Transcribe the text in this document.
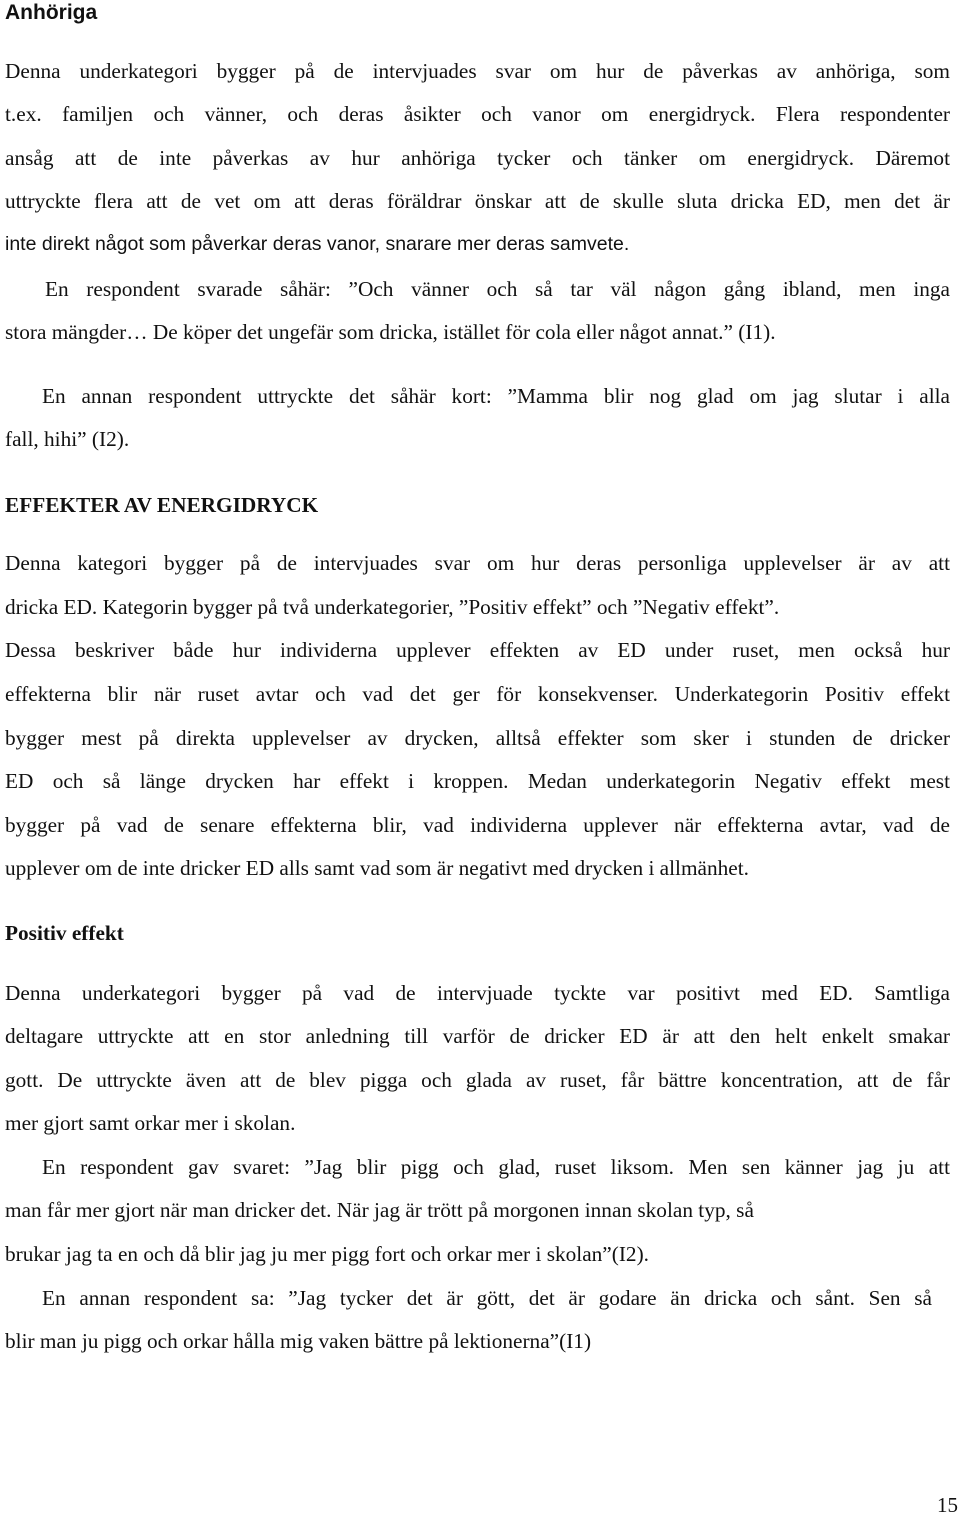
Anhöriga
Denna underkategori bygger på de intervjuades svar om hur de påverkas av anhöriga, som
t.ex. familjen och vänner, och deras åsikter och vanor om energidryck. Flera respondenter
ansåg att de inte påverkas av hur anhöriga tycker och tänker om energidryck. Däremot
uttryckte flera att de vet om att deras föräldrar önskar att de skulle sluta dricka ED, men det är
inte direkt något som påverkar deras vanor, snarare mer deras samvete.
En respondent svarade såhär: ”Och vänner och så tar väl någon gång ibland, men inga
stora mängder… De köper det ungefär som dricka, istället för cola eller något annat.” (I1).
En annan respondent uttryckte det såhär kort: ”Mamma blir nog glad om jag slutar i alla
fall, hihi” (I2).
EFFEKTER AV ENERGIDRYCK
Denna kategori bygger på de intervjuades svar om hur deras personliga upplevelser är av att
dricka ED. Kategorin bygger på två underkategorier, ”Positiv effekt” och ”Negativ effekt”.
Dessa beskriver både hur individerna upplever effekten av ED under ruset, men också hur
effekterna blir när ruset avtar och vad det ger för konsekvenser. Underkategorin Positiv effekt
bygger mest på direkta upplevelser av drycken, alltså effekter som sker i stunden de dricker
ED och så länge drycken har effekt i kroppen. Medan underkategorin Negativ effekt mest
bygger på vad de senare effekterna blir, vad individerna upplever när effekterna avtar, vad de
upplever om de inte dricker ED alls samt vad som är negativt med drycken i allmänhet.
Positiv effekt
Denna underkategori bygger på vad de intervjuade tyckte var positivt med ED. Samtliga
deltagare uttryckte att en stor anledning till varför de dricker ED är att den helt enkelt smakar
gott. De uttryckte även att de blev pigga och glada av ruset, får bättre koncentration, att de får
mer gjort samt orkar mer i skolan.
En respondent gav svaret: ”Jag blir pigg och glad, ruset liksom. Men sen känner jag ju att
man får mer gjort när man dricker det. När jag är trött på morgonen innan skolan typ, så
brukar jag ta en och då blir jag ju mer pigg fort och orkar mer i skolan”(I2).
En annan respondent sa: ”Jag tycker det är gött, det är godare än dricka och sånt. Sen så
blir man ju pigg och orkar hålla mig vaken bättre på lektionerna”(I1)
15
